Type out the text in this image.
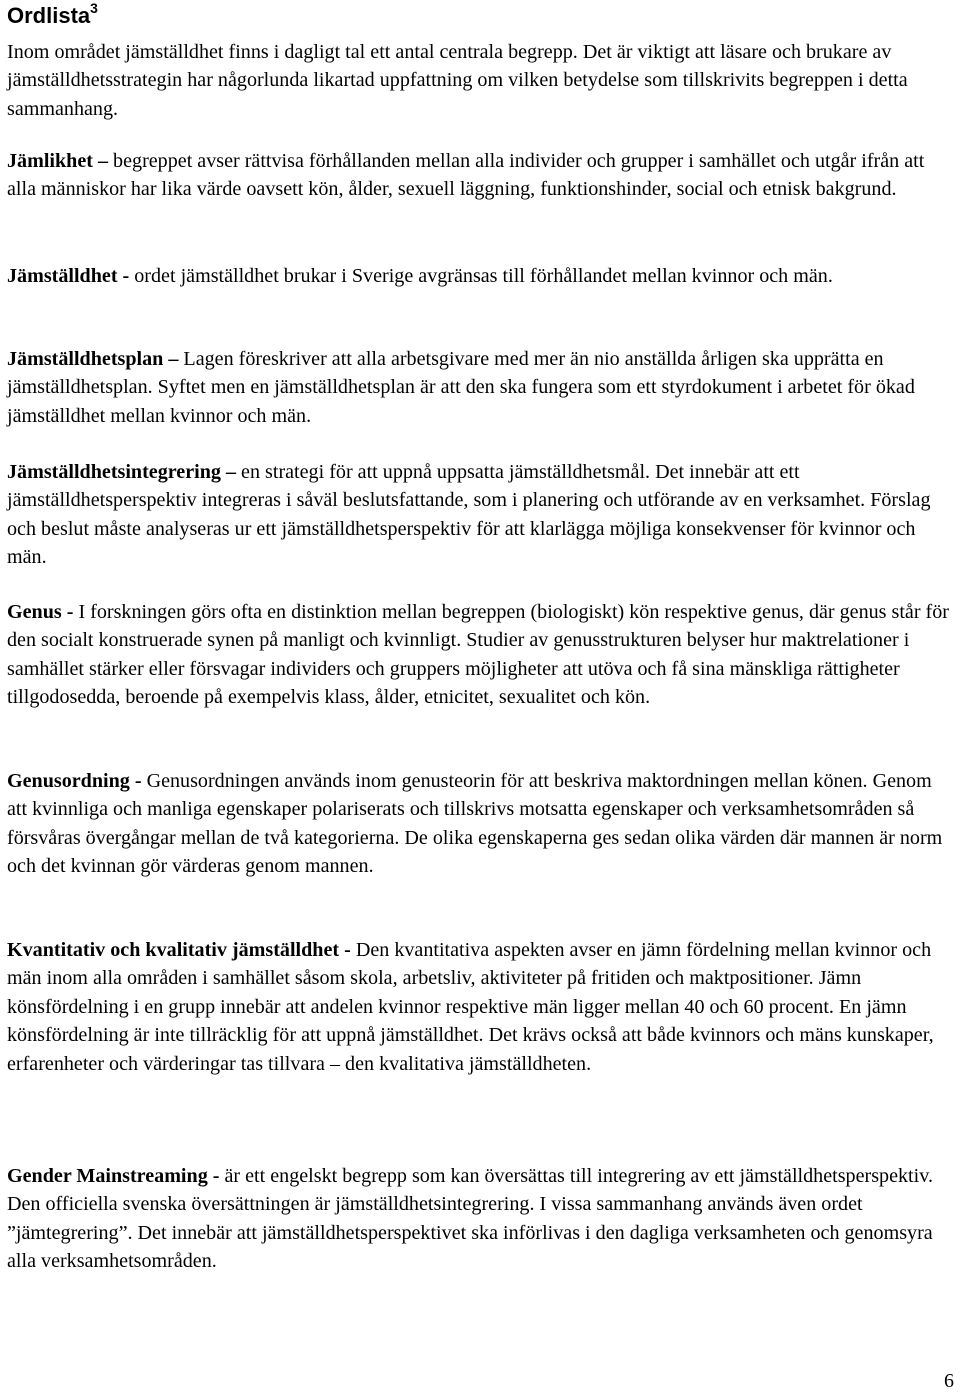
Ordlista$^3$

Inom området jämställdhet finns i dagligt tal ett antal centrala begrepp. Det är viktigt att läsare och brukare av jämställdhetsstrategin har någorlunda likartad uppfattning om vilken betydelse som tillskrivits begreppen i detta sammanhang.

Jämlikhet – begreppet avser rättvisa förhållanden mellan alla individer och grupper i samhället och utgår ifrån att alla människor har lika värde oavsett kön, ålder, sexuell läggning, funktionshinder, social och etnisk bakgrund.

Jämställdhet - ordet jämställdhet brukar i Sverige avgränsas till förhållandet mellan kvinnor och män.

Jämställdhetsplan – Lagen föreskriver att alla arbetsgivare med mer än nio anställda årligen ska upprätta en jämställdhetsplan. Syftet men en jämställdhetsplan är att den ska fungera som ett styrdokument i arbetet för ökad jämställdhet mellan kvinnor och män.

Jämställdhetsintegrering – en strategi för att uppnå uppsatta jämställdhetsmål. Det innebär att ett jämställdhetsperspektiv integreras i såväl beslutsfattande, som i planering och utförande av en verksamhet. Förslag och beslut måste analyseras ur ett jämställdhetsperspektiv för att klarlägga möjliga konsekvenser för kvinnor och män.

Genus - I forskningen görs ofta en distinktion mellan begreppen (biologiskt) kön respektive genus, där genus står för den socialt konstruerade synen på manligt och kvinnligt. Studier av genusstrukturen belyser hur maktrelationer i samhället stärker eller försvagar individers och gruppers möjligheter att utöva och få sina mänskliga rättigheter tillgodosedda, beroende på exempelvis klass, ålder, etnicitet, sexualitet och kön.

Genusordning - Genusordningen används inom genusteorin för att beskriva maktordningen mellan könen. Genom att kvinnliga och manliga egenskaper polariserats och tillskrivs motsatta egenskaper och verksamhetsområden så försvåras övergångar mellan de två kategorierna. De olika egenskaperna ges sedan olika värden där mannen är norm och det kvinnan gör värderas genom mannen.

Kvantitativ och kvalitativ jämställdhet - Den kvantitativa aspekten avser en jämn fördelning mellan kvinnor och män inom alla områden i samhället såsom skola, arbetsliv, aktiviteter på fritiden och maktpositioner. Jämn könsfördelning i en grupp innebär att andelen kvinnor respektive män ligger mellan 40 och 60 procent. En jämn könsfördelning är inte tillräcklig för att uppnå jämställdhet. Det krävs också att både kvinnors och mäns kunskaper, erfarenheter och värderingar tas tillvara – den kvalitativa jämställdheten.

Gender Mainstreaming - är ett engelskt begrepp som kan översättas till integrering av ett jämställdhetsperspektiv. Den officiella svenska översättningen är jämställdhetsintegrering. I vissa sammanhang används även ordet ”jämtegrering”. Det innebär att jämställdhetsperspektivet ska införlivas i den dagliga verksamheten och genomsyra alla verksamhetsområden.

6
